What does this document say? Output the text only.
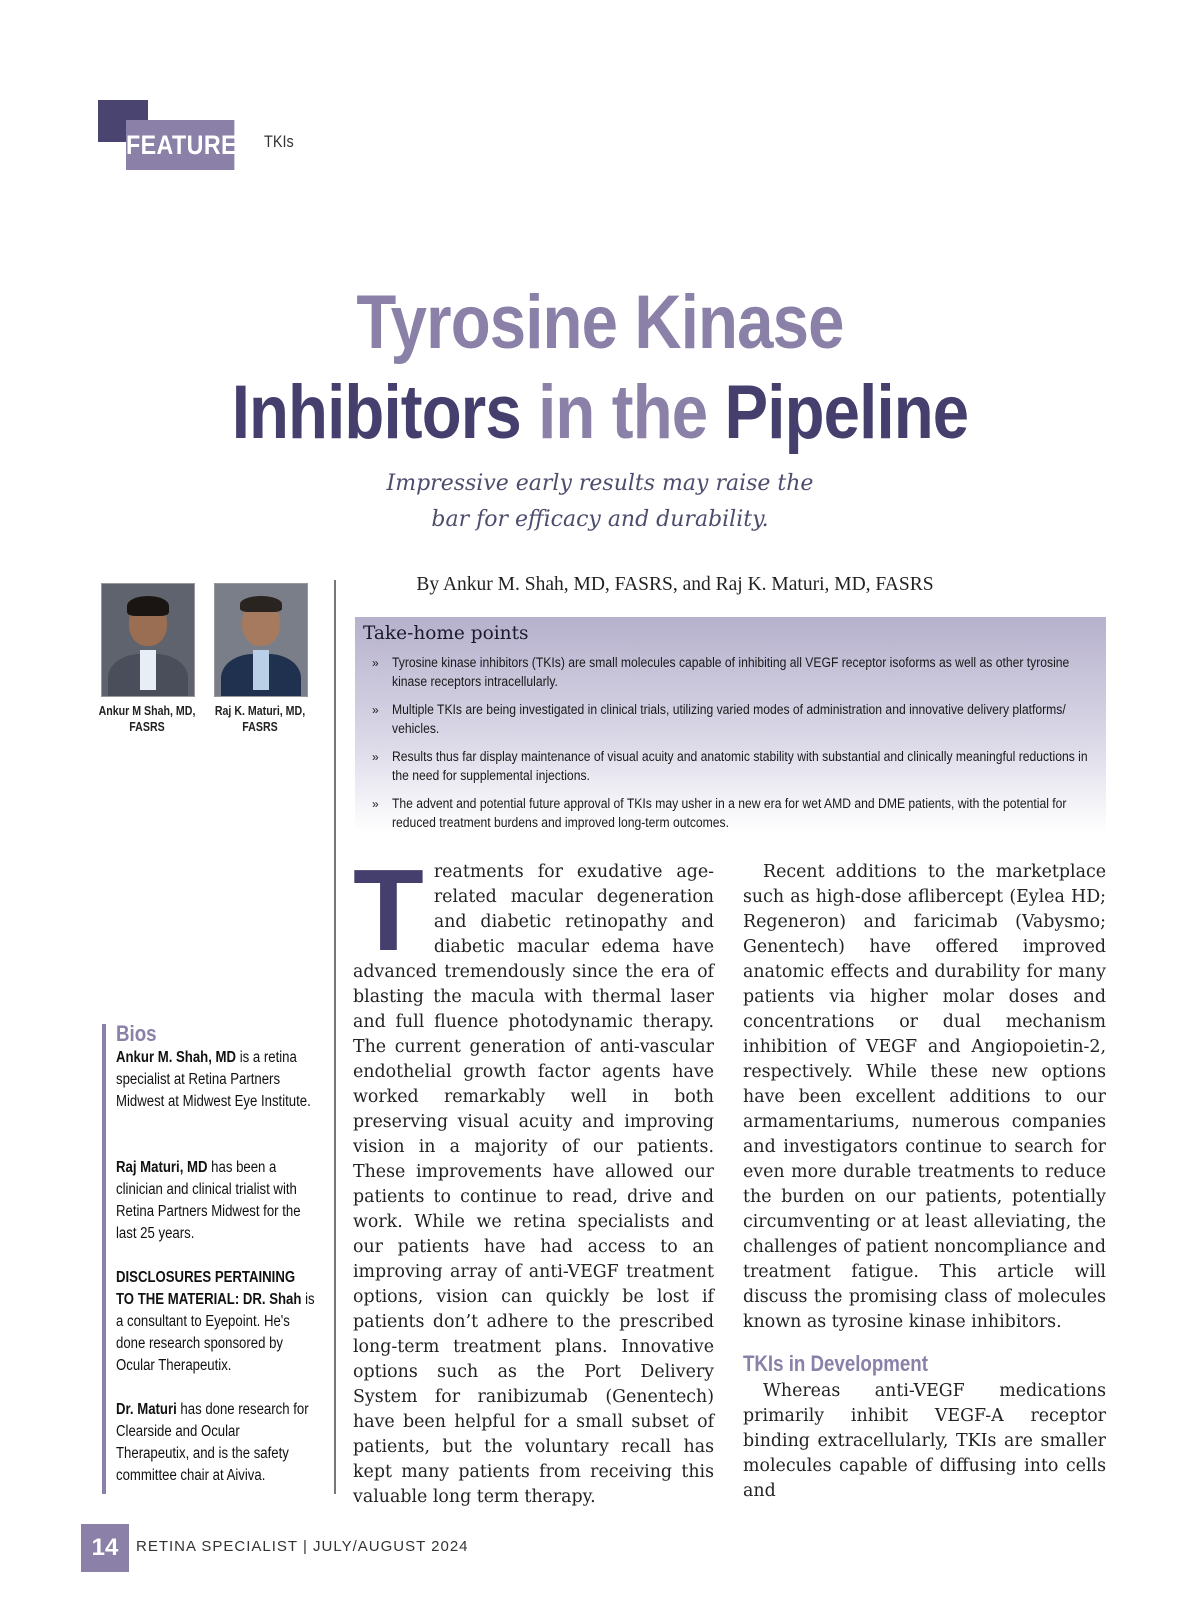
FEATURE TKIs
Tyrosine Kinase
Inhibitors in the Pipeline
Impressive early results may raise the
bar for efficacy and durability.
By Ankur M. Shah, MD, FASRS, and Raj K. Maturi, MD, FASRS
Ankur M Shah, MD,
FASRS
Raj K. Maturi, MD,
FASRS
Take-home points
» Tyrosine kinase inhibitors (TKIs) are small molecules capable of inhibiting all VEGF receptor isoforms as well as other tyrosine kinase receptors intracellularly.
» Multiple TKIs are being investigated in clinical trials, utilizing varied modes of administration and innovative delivery platforms/ vehicles.
» Results thus far display maintenance of visual acuity and anatomic stability with substantial and clinically meaningful reductions in the need for supplemental injections.
» The advent and potential future approval of TKIs may usher in a new era for wet AMD and DME patients, with the potential for reduced treatment burdens and improved long-term outcomes.
Bios
Ankur M. Shah, MD is a retina specialist at Retina Partners Midwest at Midwest Eye Institute.
Raj Maturi, MD has been a clinician and clinical trialist with Retina Partners Midwest for the last 25 years.
DISCLOSURES PERTAINING TO THE MATERIAL: DR. Shah is a consultant to Eyepoint. He's done research sponsored by Ocular Therapeutix.
Dr. Maturi has done research for Clearside and Ocular Therapeutix, and is the safety committee chair at Aiviva.

Treatments for exudative age-related macular degeneration and diabetic retinopathy and diabetic macular edema have advanced tremendously since the era of blasting the macula with thermal laser and full fluence photodynamic therapy. The current generation of anti-vascular endothelial growth factor agents have worked remarkably well in both preserving visual acuity and improving vision in a majority of our patients. These improvements have allowed our patients to continue to read, drive and work. While we retina specialists and our patients have had access to an improving array of anti-VEGF treatment options, vision can quickly be lost if patients don’t adhere to the prescribed long-term treatment plans. Innovative options such as the Port Delivery System for ranibizumab (Genentech) have been helpful for a small subset of patients, but the voluntary recall has kept many patients from receiving this valuable long term therapy.

Recent additions to the marketplace such as high-dose aflibercept (Eylea HD; Regeneron) and faricimab (Vabysmo; Genentech) have offered improved anatomic effects and durability for many patients via higher molar doses and concentrations or dual mechanism inhibition of VEGF and Angiopoietin-2, respectively. While these new options have been excellent additions to our armamentariums, numerous companies and investigators continue to search for even more durable treatments to reduce the burden on our patients, potentially circumventing or at least alleviating, the challenges of patient noncompliance and treatment fatigue. This article will discuss the promising class of molecules known as tyrosine kinase inhibitors.

TKIs in Development

Whereas anti-VEGF medications primarily inhibit VEGF-A receptor binding extracellularly, TKIs are smaller molecules capable of diffusing into cells and

14	RETINA SPECIALIST | JULY/AUGUST 2024
